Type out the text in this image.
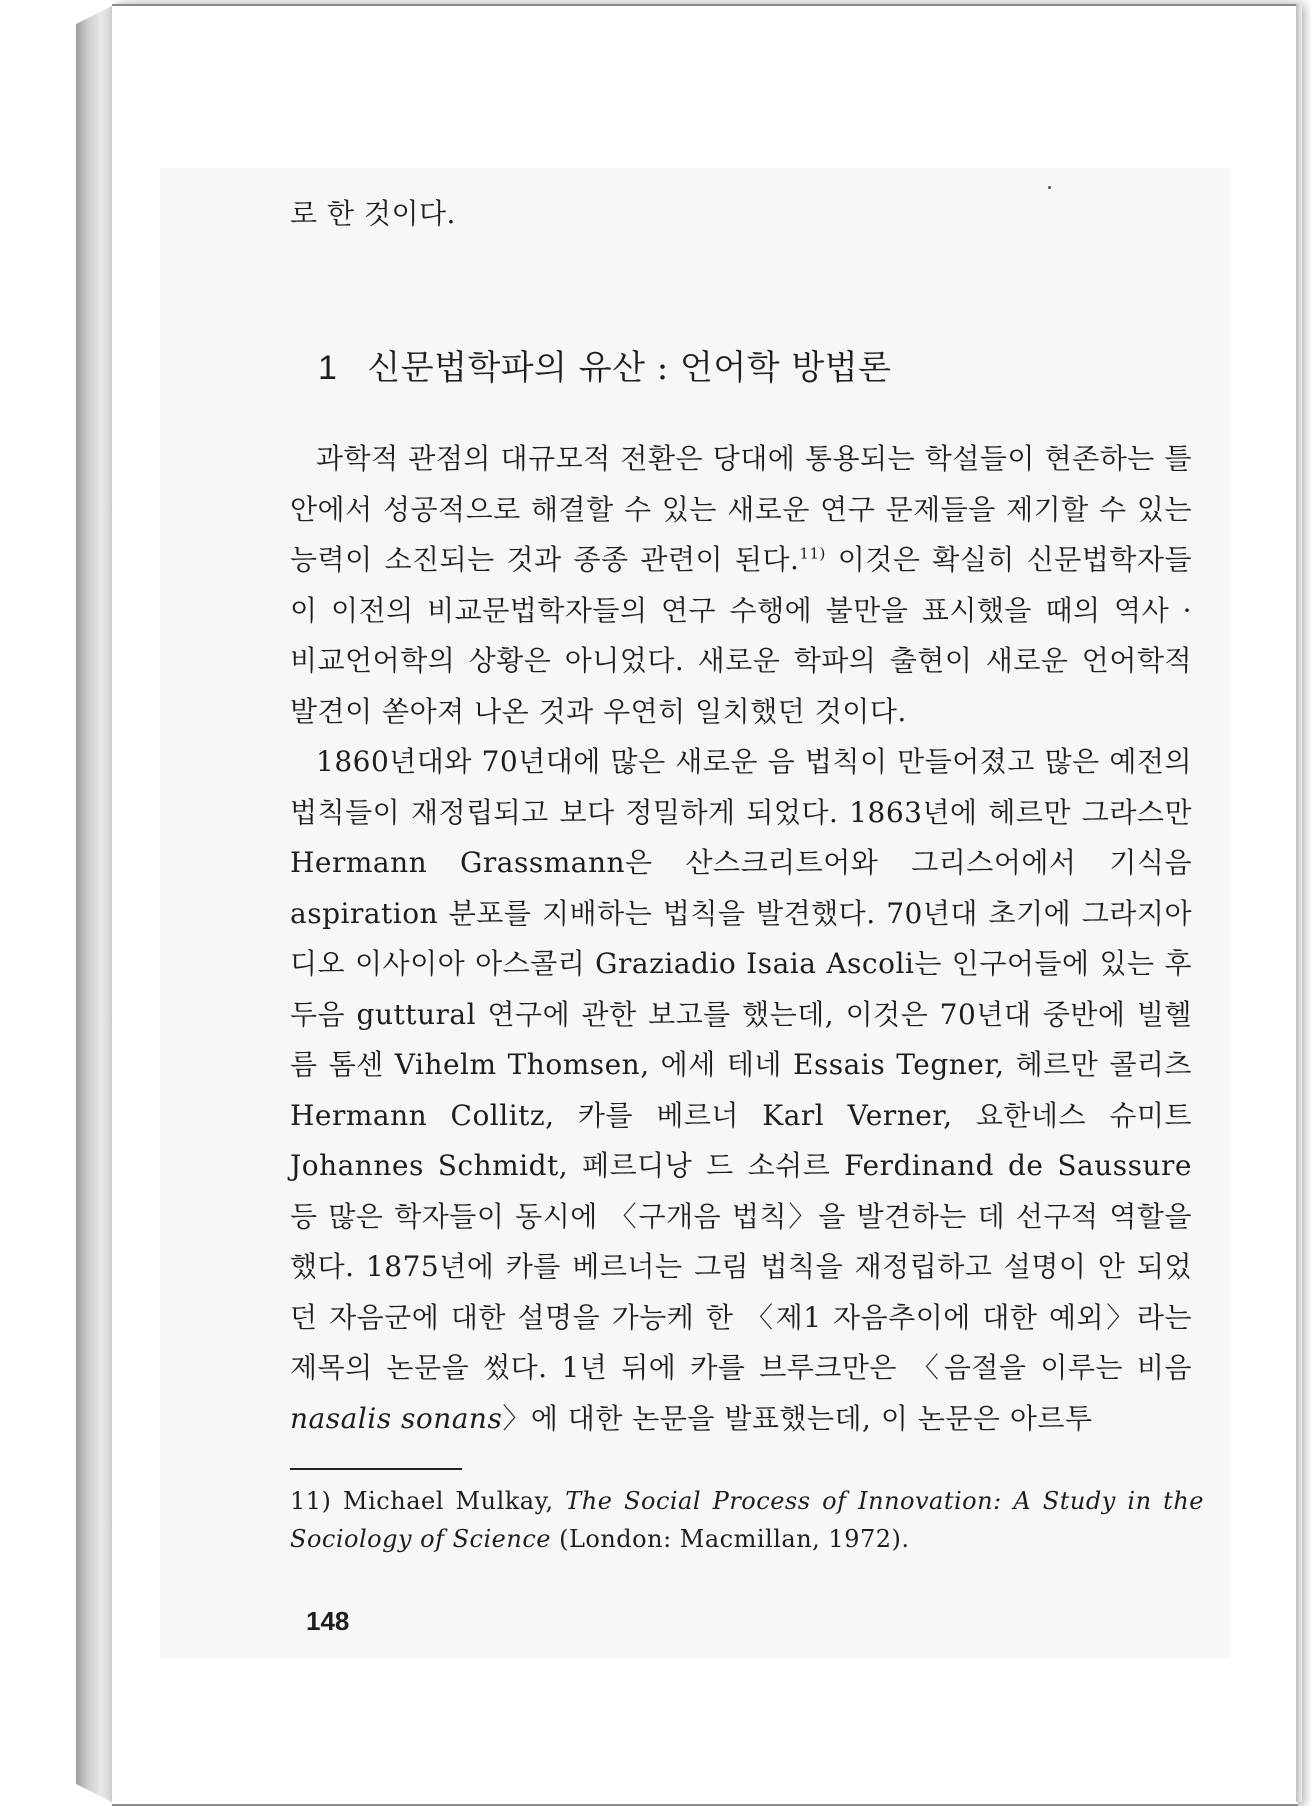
로 한 것이다.

1 신문법학파의 유산 : 언어학 방법론

과학적 관점의 대규모적 전환은 당대에 통용되는 학설들이 현존하는 틀 안에서 성공적으로 해결할 수 있는 새로운 연구 문제들을 제기할 수 있는 능력이 소진되는 것과 종종 관련이 된다.$^{11)}$ 이것은 확실히 신문법학자들이 이전의 비교문법학자들의 연구 수행에 불만을 표시했을 때의 역사 · 비교언어학의 상황은 아니었다. 새로운 학파의 출현이 새로운 언어학적 발견이 쏟아져 나온 것과 우연히 일치했던 것이다.

1860년대와 70년대에 많은 새로운 음 법칙이 만들어졌고 많은 예전의 법칙들이 재정립되고 보다 정밀하게 되었다. 1863년에 헤르만 그라스만 Hermann Grassmann은 산스크리트어와 그리스어에서 기식음 aspiration 분포를 지배하는 법칙을 발견했다. 70년대 초기에 그라지아디오 이사이아 아스콜리 Graziadio Isaia Ascoli는 인구어들에 있는 후두음 guttural 연구에 관한 보고를 했는데, 이것은 70년대 중반에 빌헬름 톰센 Vihelm Thomsen, 에세 테네 Essais Tegner, 헤르만 콜리츠 Hermann Collitz, 카를 베르너 Karl Verner, 요한네스 슈미트 Johannes Schmidt, 페르디낭 드 소쉬르 Ferdinand de Saussure 등 많은 학자들이 동시에 〈구개음 법칙〉을 발견하는 데 선구적 역할을 했다. 1875년에 카를 베르너는 그림 법칙을 재정립하고 설명이 안 되었던 자음군에 대한 설명을 가능케 한 〈제1 자음추이에 대한 예외〉라는 제목의 논문을 썼다. 1년 뒤에 카를 브루크만은 〈음절을 이루는 비음 nasalis sonans〉에 대한 논문을 발표했는데, 이 논문은 아르투

11) Michael Mulkay, The Social Process of Innovation: A Study in the Sociology of Science (London: Macmillan, 1972).

148
